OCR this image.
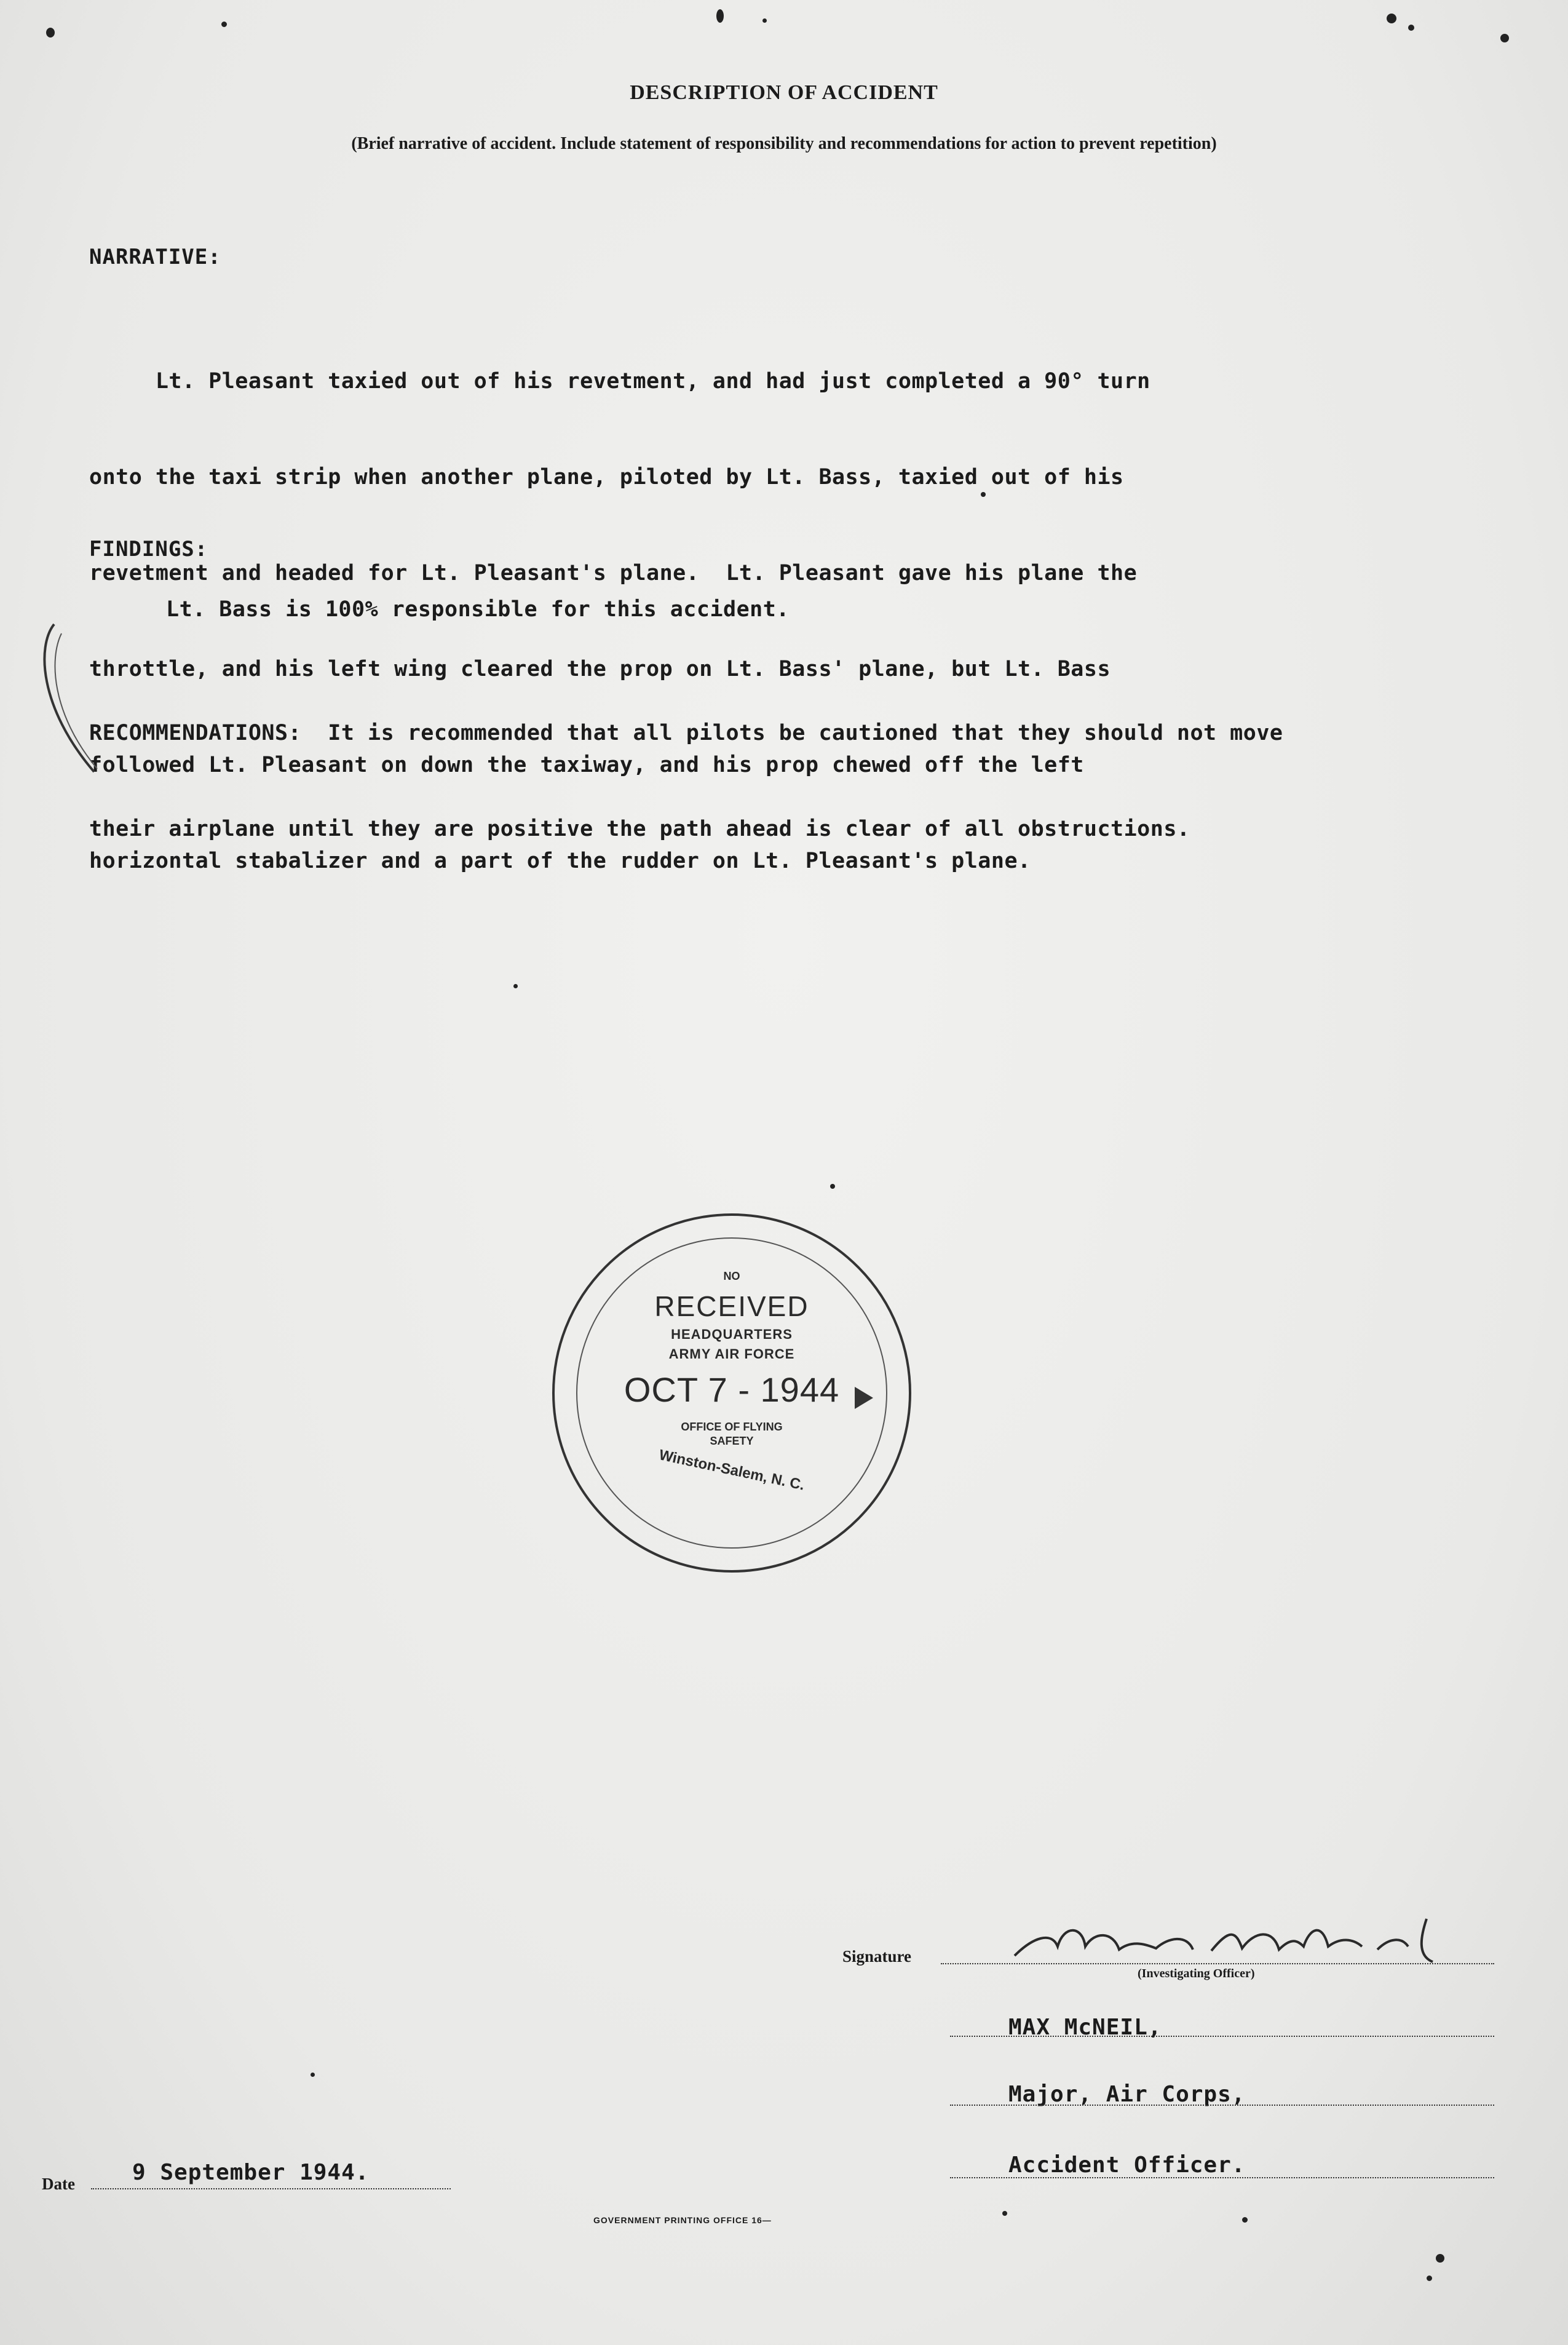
DESCRIPTION OF ACCIDENT
(Brief narrative of accident. Include statement of responsibility and recommendations for action to prevent repetition)
NARRATIVE:

Lt. Pleasant taxied out of his revetment, and had just completed a 90° turn

onto the taxi strip when another plane, piloted by Lt. Bass, taxied out of his

revetment and headed for Lt. Pleasant's plane.  Lt. Pleasant gave his plane the

throttle, and his left wing cleared the prop on Lt. Bass' plane, but Lt. Bass

followed Lt. Pleasant on down the taxiway, and his prop chewed off the left

horizontal stabalizer and a part of the rudder on Lt. Pleasant's plane.

FINDINGS:
Lt. Bass is 100% responsible for this accident.

RECOMMENDATIONS:  It is recommended that all pilots be cautioned that they should not move

their airplane until they are positive the path ahead is clear of all obstructions.

NO
RECEIVED
HEADQUARTERS
ARMY AIR FORCE
OCT 7 - 1944
OFFICE OF FLYING
SAFETY
Winston-Salem, N. C.
Signature
(Investigating Officer)
MAX McNEIL,
Major, Air Corps,
Accident Officer.
Date	9 September 1944.
GOVERNMENT PRINTING OFFICE 16—
